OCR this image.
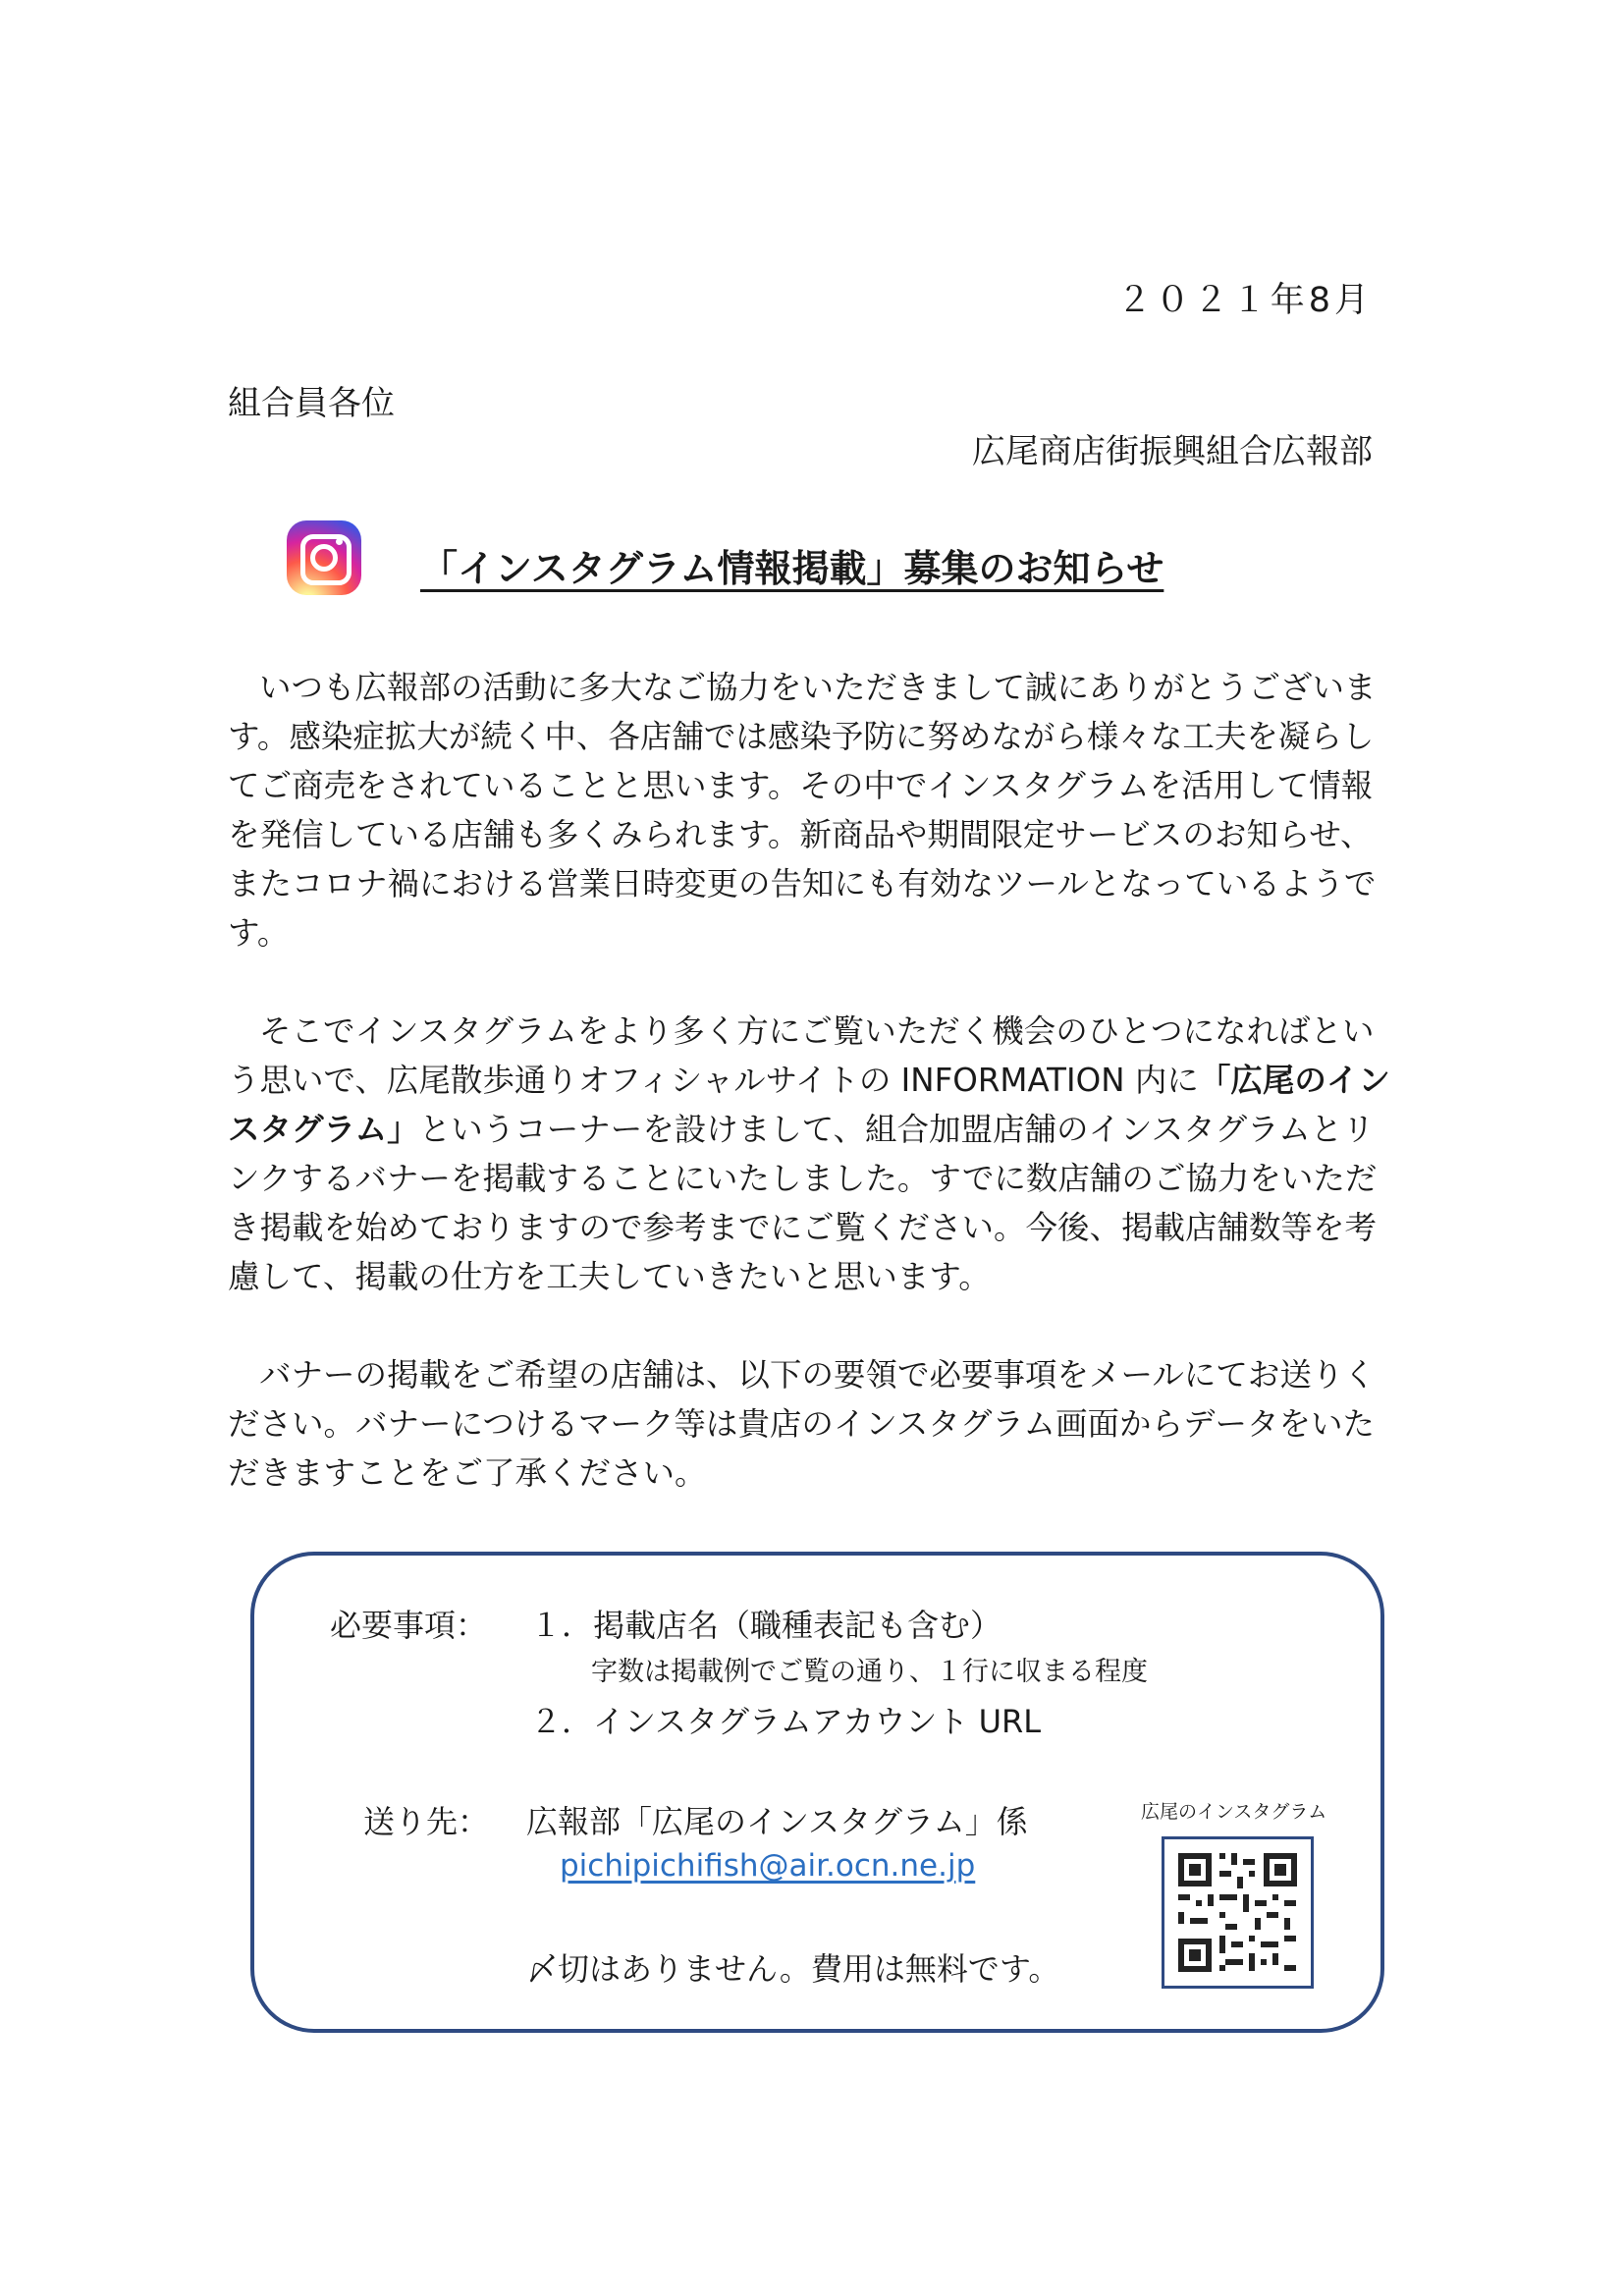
２０２１年8月
組合員各位
広尾商店街振興組合広報部
「インスタグラム情報掲載」募集のお知らせ

いつも広報部の活動に多大なご協力をいただきまして誠にありがとうございます。感染症拡大が続く中、各店舗では感染予防に努めながら様々な工夫を凝らしてご商売をされていることと思います。その中でインスタグラムを活用して情報を発信している店舗も多くみられます。新商品や期間限定サービスのお知らせ、またコロナ禍における営業日時変更の告知にも有効なツールとなっているようです。

そこでインスタグラムをより多く方にご覧いただく機会のひとつになればという思いで、広尾散歩通りオフィシャルサイトの INFORMATION 内に「広尾のインスタグラム」というコーナーを設けまして、組合加盟店舗のインスタグラムとリンクするバナーを掲載することにいたしました。すでに数店舗のご協力をいただき掲載を始めておりますので参考までにご覧ください。今後、掲載店舗数等を考慮して、掲載の仕方を工夫していきたいと思います。

バナーの掲載をご希望の店舗は、以下の要領で必要事項をメールにてお送りください。バナーにつけるマーク等は貴店のインスタグラム画面からデータをいただきますことをご了承ください。

必要事項： １．掲載店名（職種表記も含む）
字数は掲載例でご覧の通り、１行に収まる程度
２．インスタグラムアカウント URL
送り先： 広報部「広尾のインスタグラム」係
pichipichifish@air.ocn.ne.jp
〆切はありません。費用は無料です。
広尾のインスタグラム
